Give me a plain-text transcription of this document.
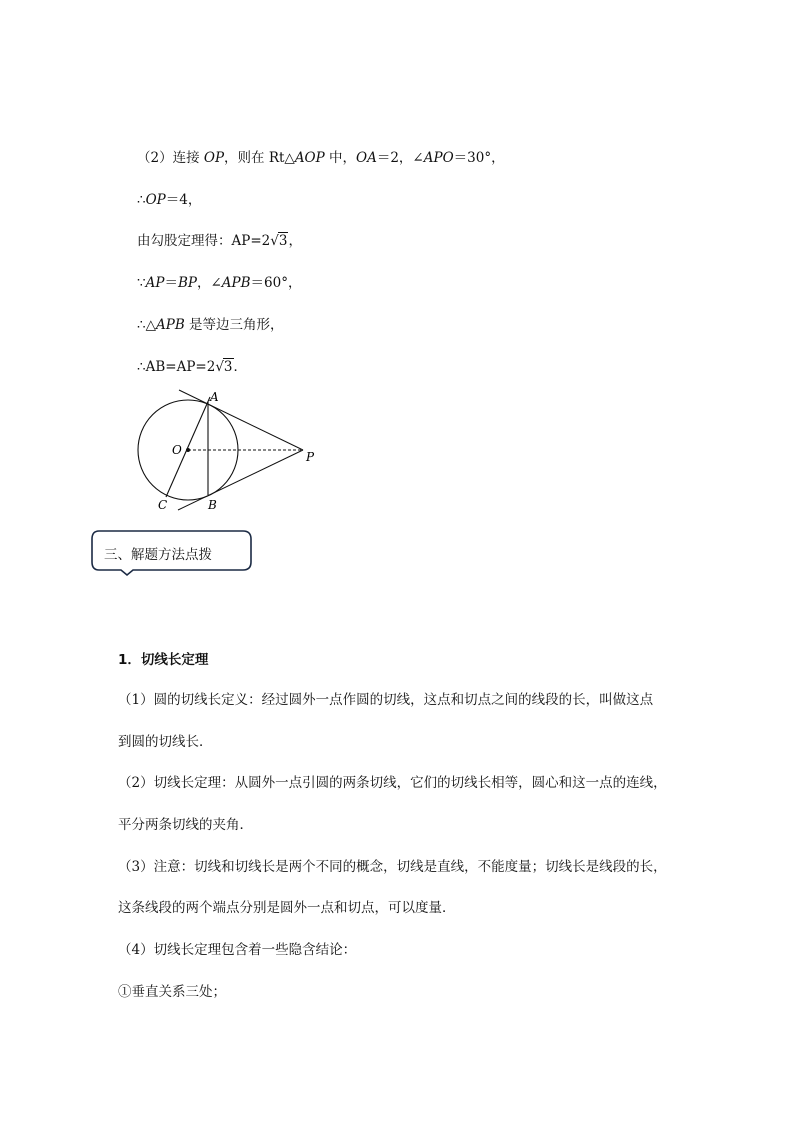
（2）连接 OP，则在 Rt△AOP 中，OA＝2，∠APO＝30°，
∴OP＝4，
由勾股定理得：AP=2√3，
∵AP＝BP，∠APB＝60°，
∴△APB 是等边三角形，
∴AB=AP=2√3．
A
O	P
C	B
三、解题方法点拨
1．切线长定理
（1）圆的切线长定义：经过圆外一点作圆的切线，这点和切点之间的线段的长，叫做这点
到圆的切线长．
（2）切线长定理：从圆外一点引圆的两条切线，它们的切线长相等，圆心和这一点的连线，
平分两条切线的夹角．
（3）注意：切线和切线长是两个不同的概念，切线是直线，不能度量；切线长是线段的长，
这条线段的两个端点分别是圆外一点和切点，可以度量．
（4）切线长定理包含着一些隐含结论：
①垂直关系三处；
